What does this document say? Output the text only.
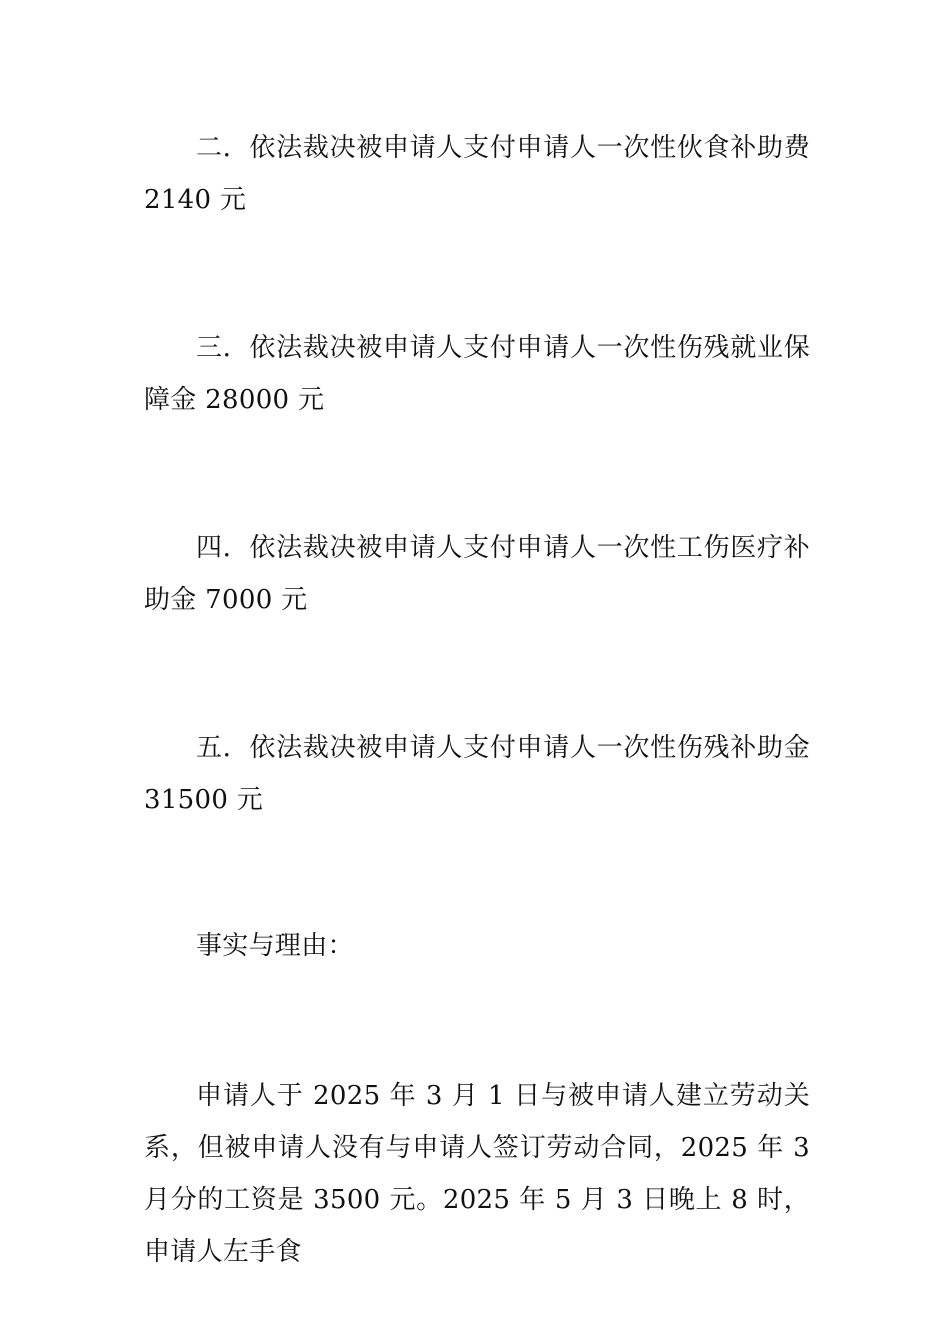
二．依法裁决被申请人支付申请人一次性伙食补助费 2140 元

三．依法裁决被申请人支付申请人一次性伤残就业保障金 28000 元

四．依法裁决被申请人支付申请人一次性工伤医疗补助金 7000 元

五．依法裁决被申请人支付申请人一次性伤残补助金 31500 元

事实与理由：

申请人于 2025 年 3 月 1 日与被申请人建立劳动关系，但被申请人没有与申请人签订劳动合同，2025 年 3 月分的工资是 3500 元。2025 年 5 月 3 日晚上 8 时，申请人左手食
